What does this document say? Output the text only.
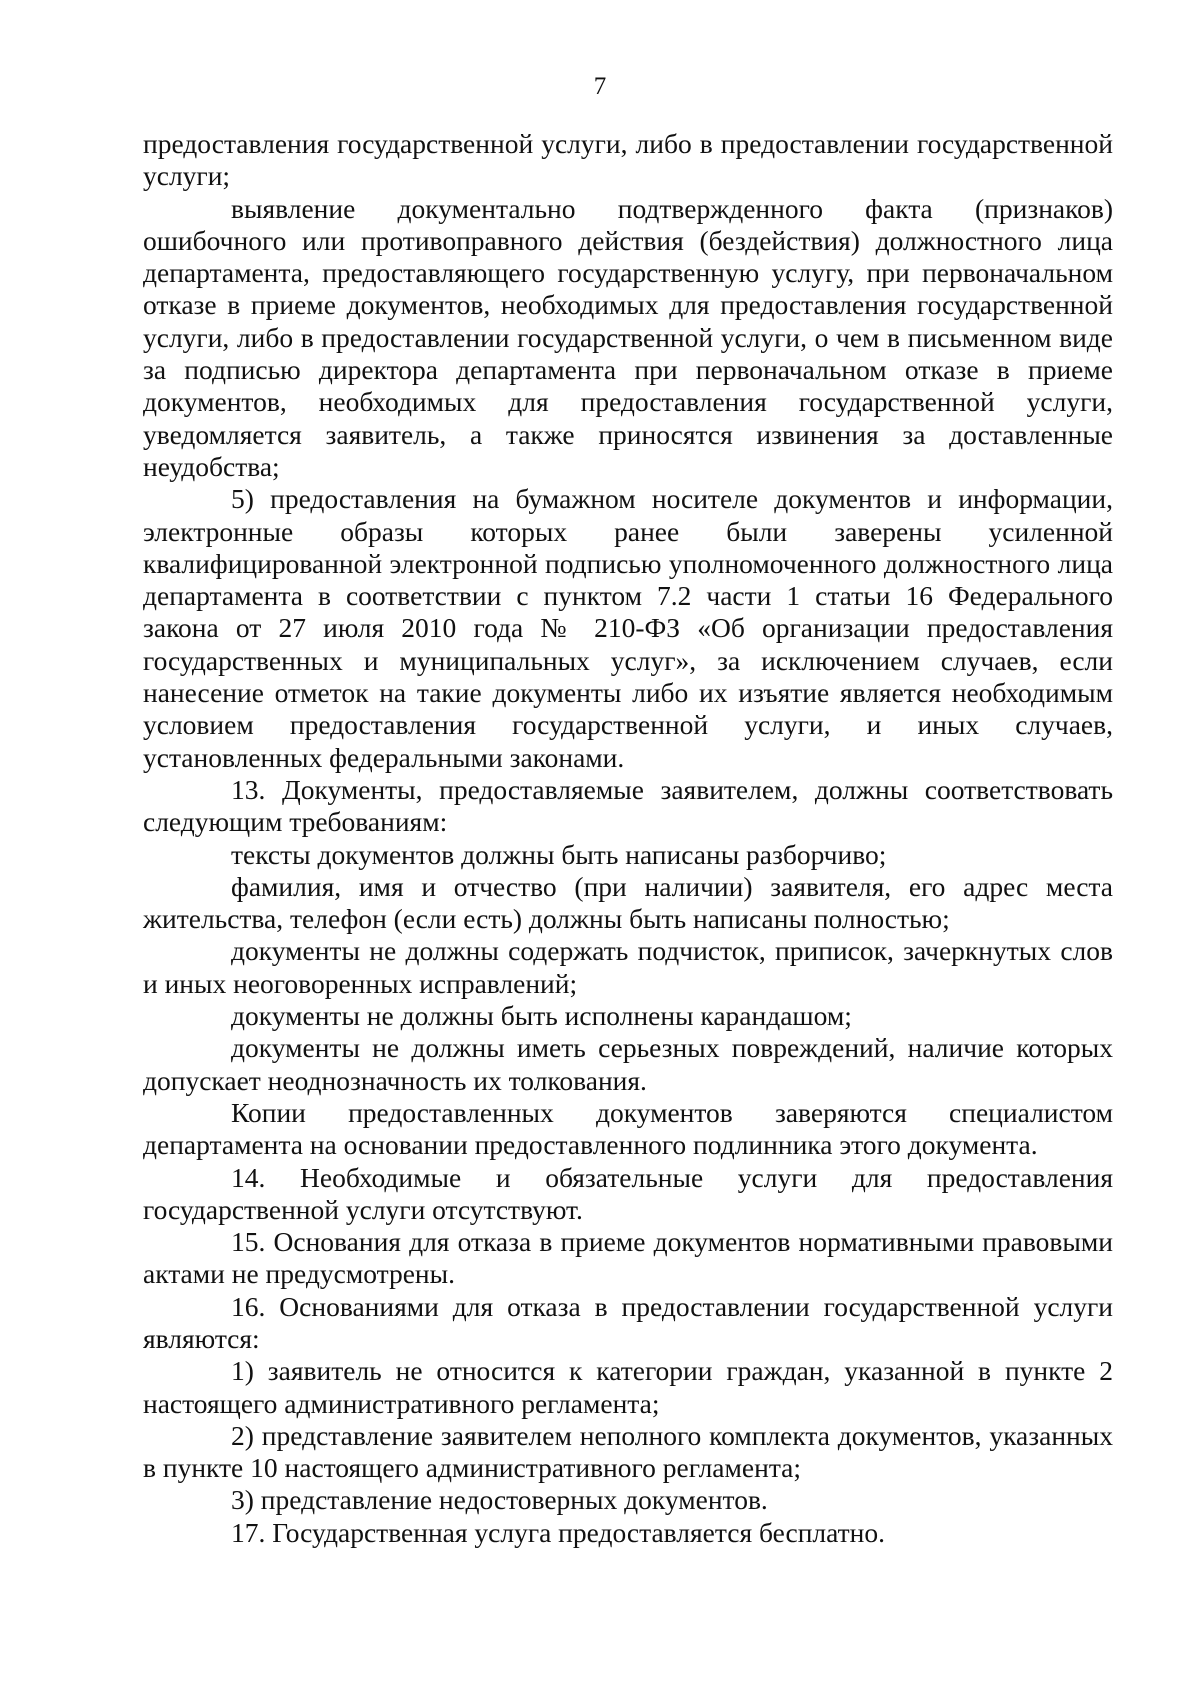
7

предоставления государственной услуги, либо в предоставлении государственной услуги;

выявление документально подтвержденного факта (признаков) ошибочного или противоправного действия (бездействия) должностного лица департамента, предоставляющего государственную услугу, при первоначальном отказе в приеме документов, необходимых для предоставления государственной услуги, либо в предоставлении государственной услуги, о чем в письменном виде за подписью директора департамента при первоначальном отказе в приеме документов, необходимых для предоставления государственной услуги, уведомляется заявитель, а также приносятся извинения за доставленные неудобства;

5) предоставления на бумажном носителе документов и информации, электронные образы которых ранее были заверены усиленной квалифицированной электронной подписью уполномоченного должностного лица департамента в соответствии с пунктом 7.2 части 1 статьи 16 Федерального закона от 27 июля 2010 года № 210-ФЗ «Об организации предоставления государственных и муниципальных услуг», за исключением случаев, если нанесение отметок на такие документы либо их изъятие является необходимым условием предоставления государственной услуги, и иных случаев, установленных федеральными законами.

13. Документы, предоставляемые заявителем, должны соответствовать следующим требованиям:

тексты документов должны быть написаны разборчиво;

фамилия, имя и отчество (при наличии) заявителя, его адрес места жительства, телефон (если есть) должны быть написаны полностью;

документы не должны содержать подчисток, приписок, зачеркнутых слов и иных неоговоренных исправлений;

документы не должны быть исполнены карандашом;

документы не должны иметь серьезных повреждений, наличие которых допускает неоднозначность их толкования.

Копии предоставленных документов заверяются специалистом департамента на основании предоставленного подлинника этого документа.

14. Необходимые и обязательные услуги для предоставления государственной услуги отсутствуют.

15. Основания для отказа в приеме документов нормативными правовыми актами не предусмотрены.

16. Основаниями для отказа в предоставлении государственной услуги являются:

1) заявитель не относится к категории граждан, указанной в пункте 2 настоящего административного регламента;

2) представление заявителем неполного комплекта документов, указанных в пункте 10 настоящего административного регламента;

3) представление недостоверных документов.

17. Государственная услуга предоставляется бесплатно.
